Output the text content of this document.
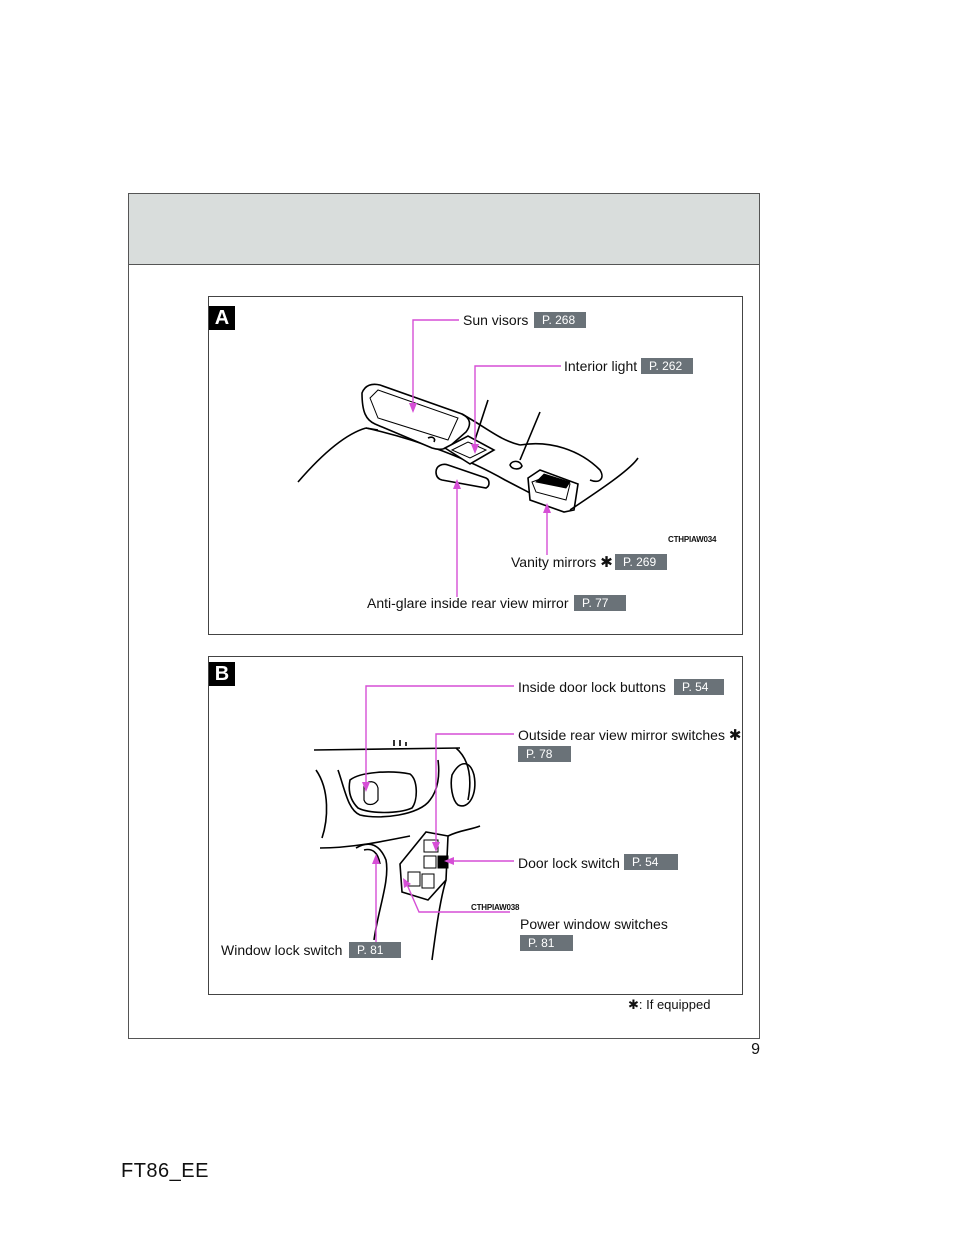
A
B
Sun visors	P. 268
Interior light P. 262
CTHPIAW034
Vanity mirrors ✱ P. 269
Anti-glare inside rear view mirror	P. 77
Inside door lock buttons	P. 54
Outside rear view mirror switches ✱
P. 78
Door lock switch	P. 54
CTHPIAW038
Power window switches
P. 81
Window lock switch	P. 81
✱: If equipped
9
FT86_EE
